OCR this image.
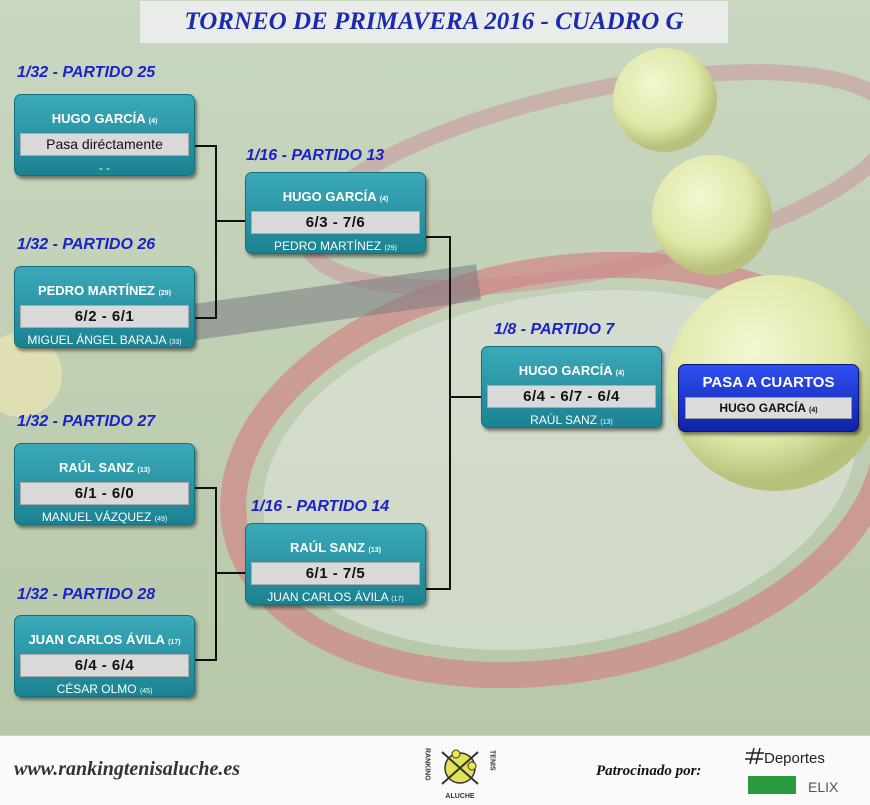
TORNEO DE PRIMAVERA 2016 - CUADRO G
1/32 - PARTIDO 25
1/32 - PARTIDO 26
1/32 - PARTIDO 27
1/32 - PARTIDO 28
1/16 - PARTIDO 13
1/16 - PARTIDO 14
1/8 - PARTIDO 7
HUGO GARCÍA (4)
Pasa diréctamente
- -
PEDRO MARTÍNEZ (29)
6/2 - 6/1
MIGUEL ÁNGEL BARAJA (33)
RAÚL SANZ (13)
6/1 - 6/0
MANUEL VÁZQUEZ (49)
JUAN CARLOS ÁVILA (17)
6/4 - 6/4
CÉSAR OLMO (45)
HUGO GARCÍA (4)
6/3 - 7/6
PEDRO MARTÍNEZ (29)
RAÚL SANZ (13)
6/1 - 7/5
JUAN CARLOS ÁVILA (17)
HUGO GARCÍA (4)
6/4 - 6/7 - 6/4
RAÚL SANZ (13)
PASA A CUARTOS
HUGO GARCÍA (4)
www.rankingtenisaluche.es	RANKING	TENIS
ALUCHE
Patrocinado por:
Deportes
ELIX
